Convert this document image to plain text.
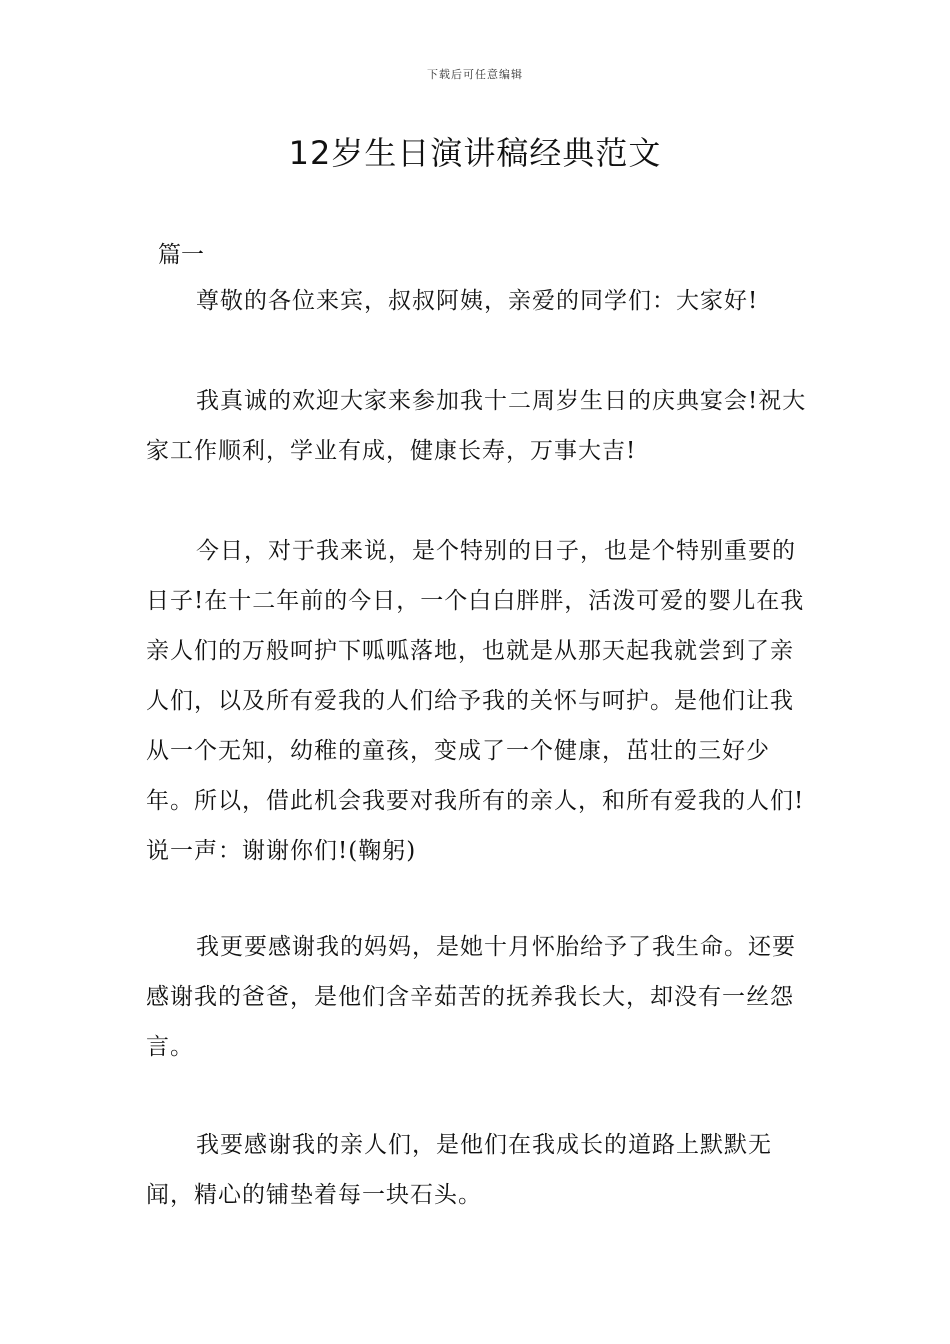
下载后可任意编辑
12岁生日演讲稿经典范文
篇一

尊敬的各位来宾，叔叔阿姨，亲爱的同学们：大家好!

我真诚的欢迎大家来参加我十二周岁生日的庆典宴会!祝大家工作顺利，学业有成，健康长寿，万事大吉!

今日，对于我来说，是个特别的日子，也是个特别重要的日子!在十二年前的今日，一个白白胖胖，活泼可爱的婴儿在我亲人们的万般呵护下呱呱落地，也就是从那天起我就尝到了亲人们，以及所有爱我的人们给予我的关怀与呵护。是他们让我从一个无知，幼稚的童孩，变成了一个健康，茁壮的三好少年。所以，借此机会我要对我所有的亲人，和所有爱我的人们!说一声：谢谢你们!(鞠躬)

我更要感谢我的妈妈，是她十月怀胎给予了我生命。还要感谢我的爸爸，是他们含辛茹苦的抚养我长大，却没有一丝怨言。

我要感谢我的亲人们，是他们在我成长的道路上默默无闻，精心的铺垫着每一块石头。
